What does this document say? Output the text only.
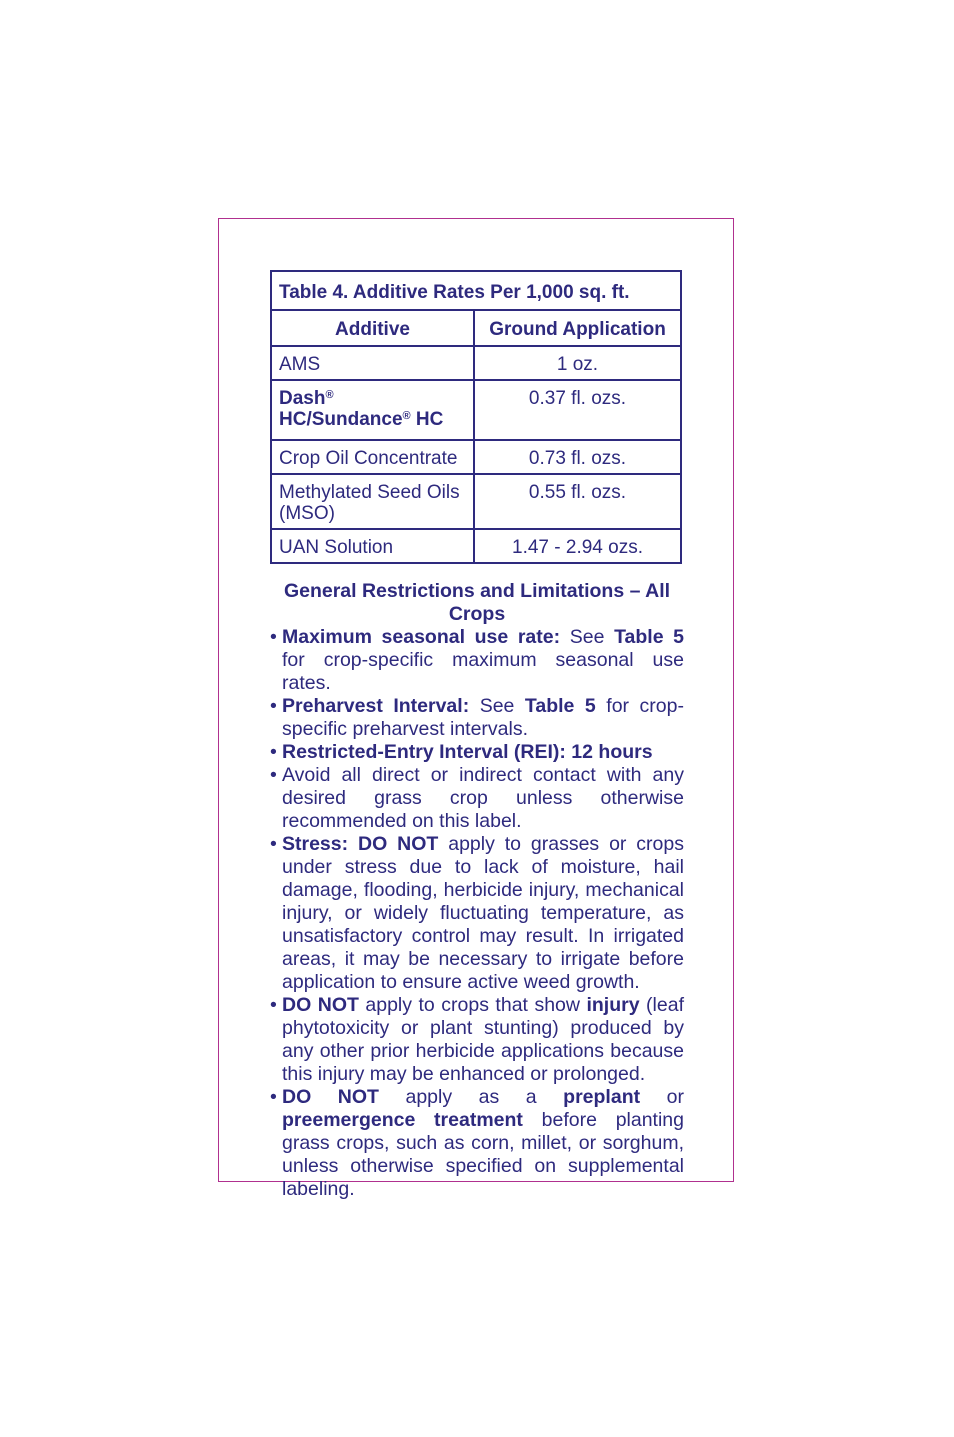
Table 4. Additive Rates Per 1,000 sq. ft.	
Additive	Ground Application
AMS	1 oz.
Dash® HC/Sundance® HC	0.37 fl. ozs.
Crop Oil Concentrate	0.73 fl. ozs.
Methylated Seed Oils (MSO)	0.55 fl. ozs.
UAN Solution	1.47 - 2.94 ozs.
General Restrictions and Limitations – All Crops
• Maximum seasonal use rate: See Table 5 for crop-specific maximum seasonal use rates.
• Preharvest Interval: See Table 5 for crop-specific preharvest intervals.
• Restricted-Entry Interval (REI): 12 hours
• Avoid all direct or indirect contact with any desired grass crop unless otherwise recommended on this label.
• Stress: DO NOT apply to grasses or crops under stress due to lack of moisture, hail damage, flooding, herbicide injury, mechanical injury, or widely fluctuating temperature, as unsatisfactory control may result. In irrigated areas, it may be necessary to irrigate before application to ensure active weed growth.
• DO NOT apply to crops that show injury (leaf phytotoxicity or plant stunting) produced by any other prior herbicide applications because this injury may be enhanced or prolonged.
• DO NOT apply as a preplant or preemergence treatment before planting grass crops, such as corn, millet, or sorghum, unless otherwise specified on supplemental labeling.
